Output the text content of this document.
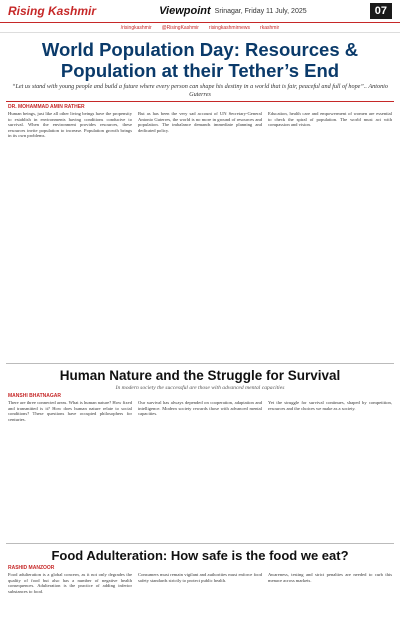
Rising Kashmir	Viewpoint Srinagar, Friday 11 July, 2025	07
/risingkashmir @RisingKashmir risingkashmirnews rkashmir
World Population Day: Resources & Population at their Tether’s End
“Let us stand with young people and build a future where every person can shape his destiny in a world that is fair, peaceful and full of hope”.. Antonio Guterres
DR. MOHAMMAD AMIN RATHER

Human beings, just like all other living beings have the propensity to establish in environments having conditions conducive to survival. When the environment provides resources, these resources invite population to increase. Population growth brings in its own problems.

But as has been the very sad account of UN Secretary-General Antonio Guterres, the world is no more in ground of resources and population. The imbalance demands immediate planning and dedicated policy.

Education, health care and empowerment of women are essential to check the spiral of population. The world must act with compassion and vision.

Human Nature and the Struggle for Survival
In modern society the successful are those with advanced mental capacities
MANSHI BHATNAGAR

There are three connected areas. What is human nature? How fixed and transmitted is it? How does human nature relate to social conditions? These questions have occupied philosophers for centuries.

Our survival has always depended on cooperation, adaptation and intelligence. Modern society rewards those with advanced mental capacities.

Yet the struggle for survival continues, shaped by competition, resources and the choices we make as a society.

Food Adulteration: How safe is the food we eat?
RASHID MANZOOR

Food adulteration is a global concern, as it not only degrades the quality of food but also has a number of negative health consequences. Adulteration is the practice of adding inferior substances to food.

Consumers must remain vigilant and authorities must enforce food safety standards strictly to protect public health.

Awareness, testing and strict penalties are needed to curb this menace across markets.
